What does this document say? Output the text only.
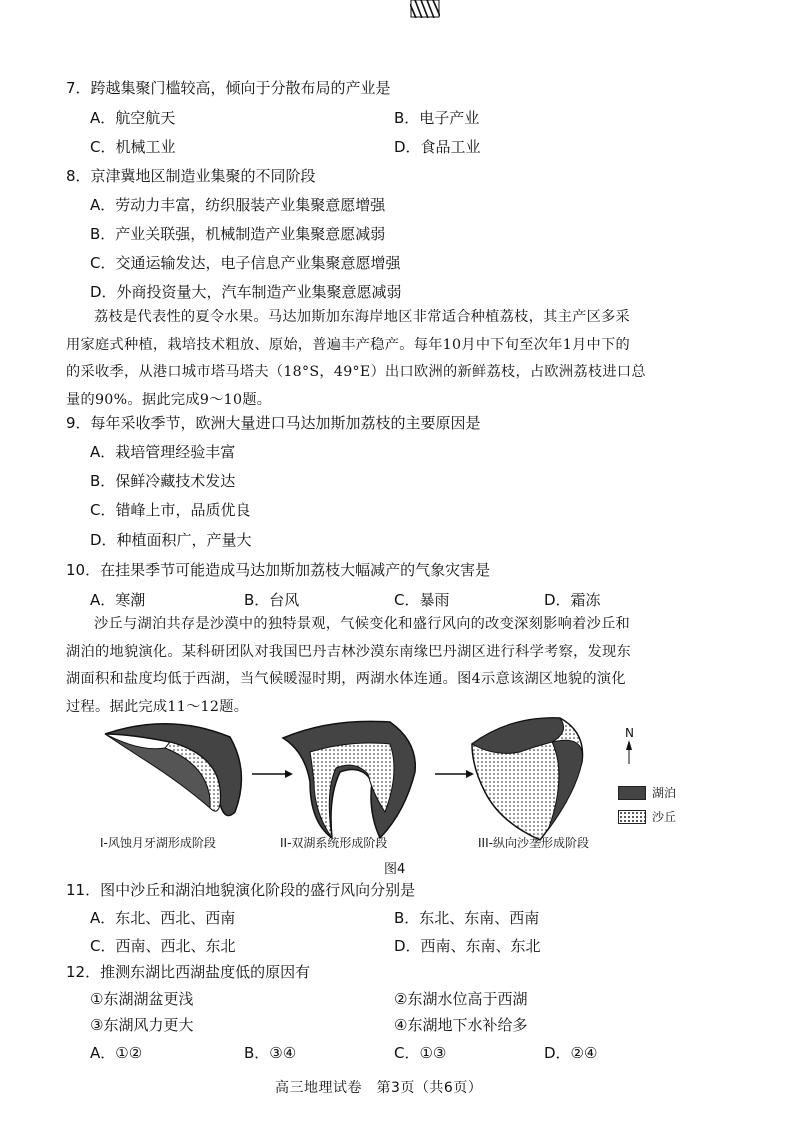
7．跨越集聚门槛较高，倾向于分散布局的产业是
A．航空航天	B．电子产业
C．机械工业	D．食品工业
8．京津冀地区制造业集聚的不同阶段
A．劳动力丰富，纺织服装产业集聚意愿增强
B．产业关联强，机械制造产业集聚意愿减弱
C．交通运输发达，电子信息产业集聚意愿增强
D．外商投资量大，汽车制造产业集聚意愿减弱
荔枝是代表性的夏令水果。马达加斯加东海岸地区非常适合种植荔枝，其主产区多采
用家庭式种植，栽培技术粗放、原始，普遍丰产稳产。每年10月中下旬至次年1月中下的
的采收季，从港口城市塔马塔夫（18°S，49°E）出口欧洲的新鲜荔枝，占欧洲荔枝进口总
量的90%。据此完成9～10题。
9．每年采收季节，欧洲大量进口马达加斯加荔枝的主要原因是
A．栽培管理经验丰富
B．保鲜冷藏技术发达
C．错峰上市，品质优良
D．种植面积广，产量大
10．在挂果季节可能造成马达加斯加荔枝大幅减产的气象灾害是
A．寒潮	B．台风	C．暴雨	D．霜冻
沙丘与湖泊共存是沙漠中的独特景观，气候变化和盛行风向的改变深刻影响着沙丘和
湖泊的地貌演化。某科研团队对我国巴丹吉林沙漠东南缘巴丹湖区进行科学考察，发现东
湖面积和盐度均低于西湖，当气候暖湿时期，两湖水体连通。图4示意该湖区地貌的演化
过程。据此完成11～12题。
I-风蚀月牙湖形成阶段	II-双湖系统形成阶段	III-纵向沙垄形成阶段
N
湖泊
沙丘
图4
11．图中沙丘和湖泊地貌演化阶段的盛行风向分别是
A．东北、西北、西南	B．东北、东南、西南
C．西南、西北、东北	D．西南、东南、东北
12．推测东湖比西湖盐度低的原因有
①东湖湖盆更浅	②东湖水位高于西湖
③东湖风力更大	④东湖地下水补给多
A．①②	B．③④	C．①③	D．②④
高三地理试卷　第3页（共6页）
